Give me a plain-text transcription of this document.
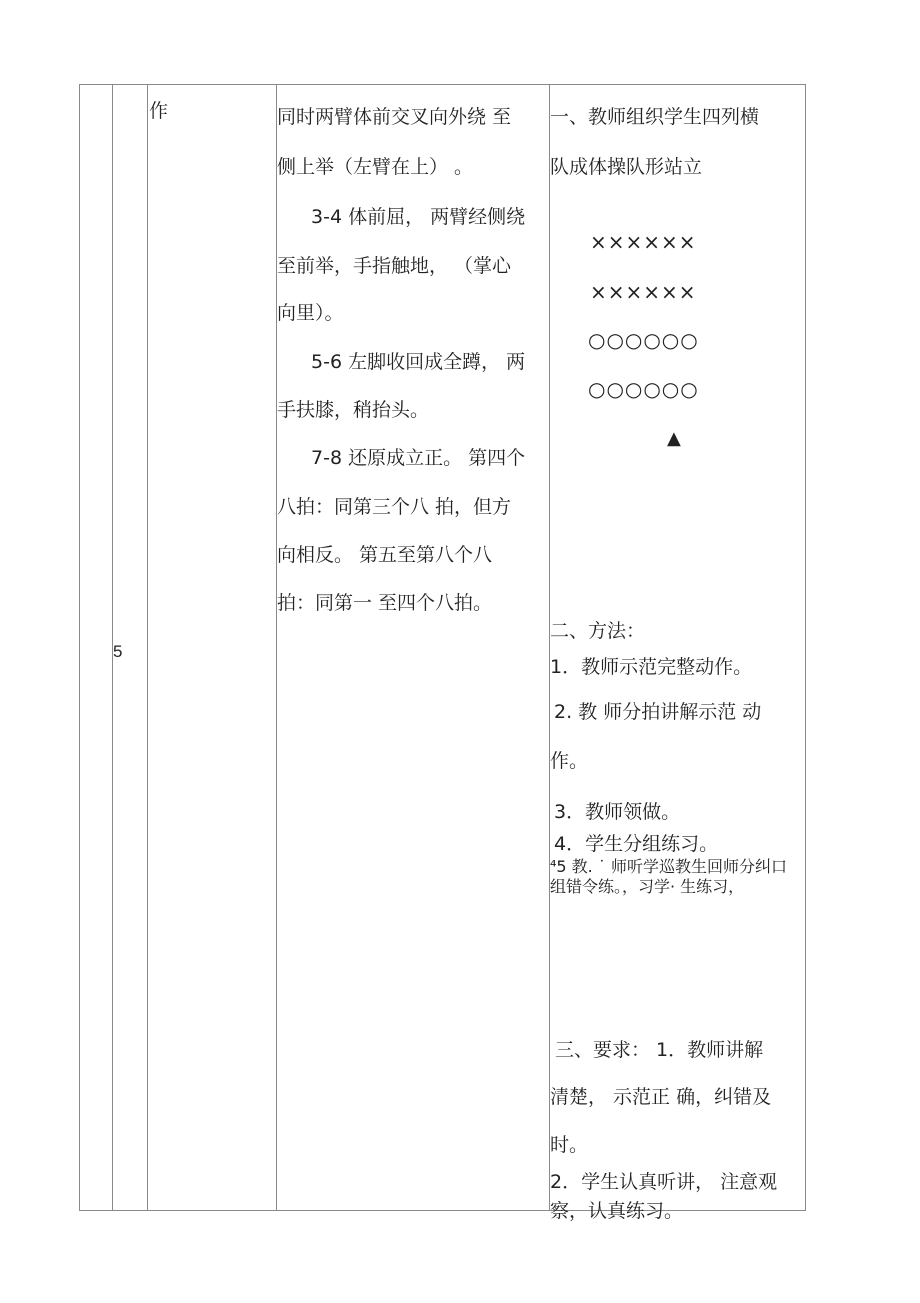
5
作	同时两臂体前交叉向外绕 至
侧上举（左臂在上） 。
3-4 体前屈， 两臂经侧绕
至前举，手指触地， （掌心
向里）。
5-6 左脚收回成全蹲， 两
手扶膝，稍抬头。
7-8 还原成立正。 第四个
八拍：同第三个八 拍，但方
向相反。 第五至第八个八
拍：同第一 至四个八拍。
一、教师组织学生四列横
队成体操队形站立
××××××
××××××
○○○○○○
○○○○○○
▲
二、方法：
1．教师示范完整动作。
2. 教 师分拍讲解示范 动
作。
3．教师领做。
4．学生分组练习。
⁴5 教. ˙ 师听学巡教生回师分纠口
组错令练。，习学· 生练习，
三、要求： 1．教师讲解
清楚， 示范正 确，纠错及
时。
2．学生认真听讲， 注意观
察，认真练习。
